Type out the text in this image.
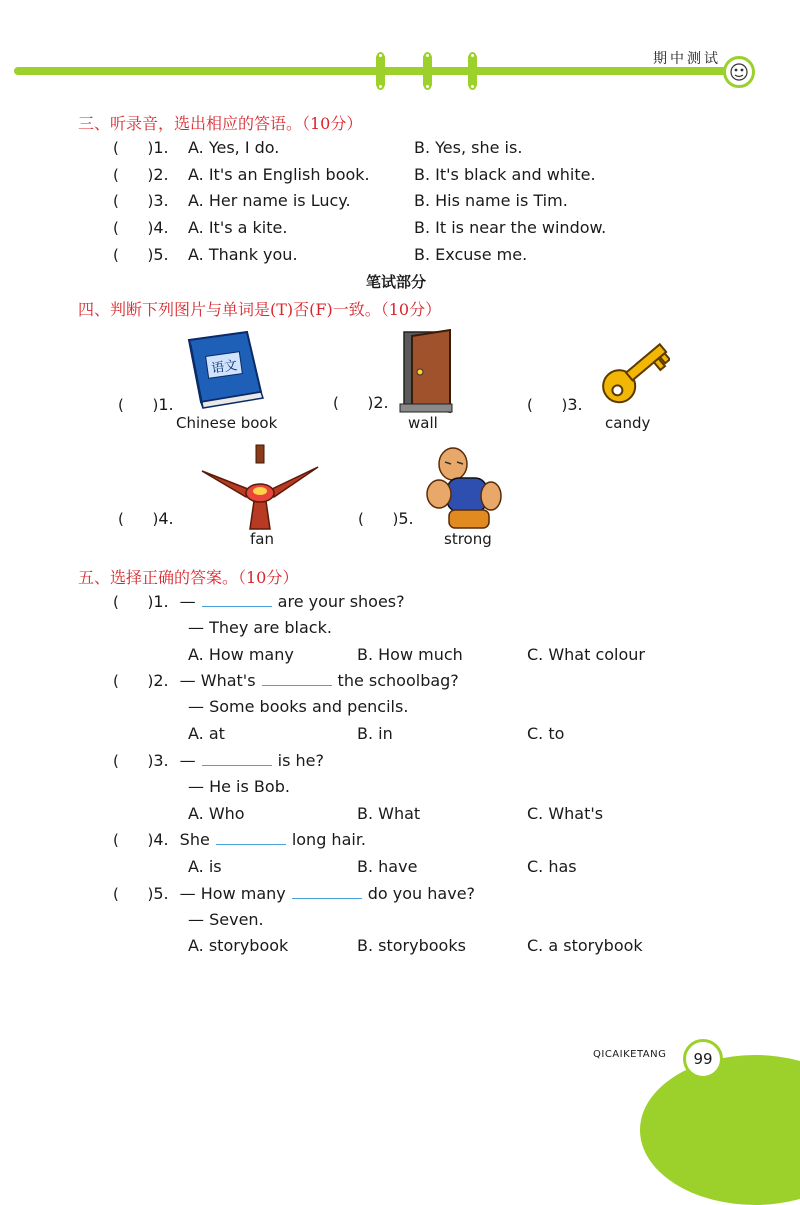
期中测试
三、听录音，选出相应的答语。（10分）
(      )1. A. Yes, I do.	B. Yes, she is.
(      )2. A. It's an English book.	B. It's black and white.
(      )3. A. Her name is Lucy.	B. His name is Tim.
(      )4. A. It's a kite.	B. It is near the window.
(      )5. A. Thank you.	B. Excuse me.
笔试部分
四、判断下列图片与单词是(T)否(F)一致。（10分）
语文
(      )1.
Chinese book
(      )2.
wall
(      )3.
candy
(      )4.
fan
(      )5.
strong
五、选择正确的答案。（10分）
(      )1. —	are your shoes?
— They are black.
A. How many	B. How much	C. What colour
(      )2. — What's	the schoolbag?
— Some books and pencils.
A. at	B. in	C. to
(      )3. —	is he?
— He is Bob.
A. Who	B. What	C. What's
(      )4. She	long hair.
A. is	B. have	C. has
(      )5. — How many	do you have?
— Seven.
A. storybook	B. storybooks	C. a storybook
QICAIKETANG	99
